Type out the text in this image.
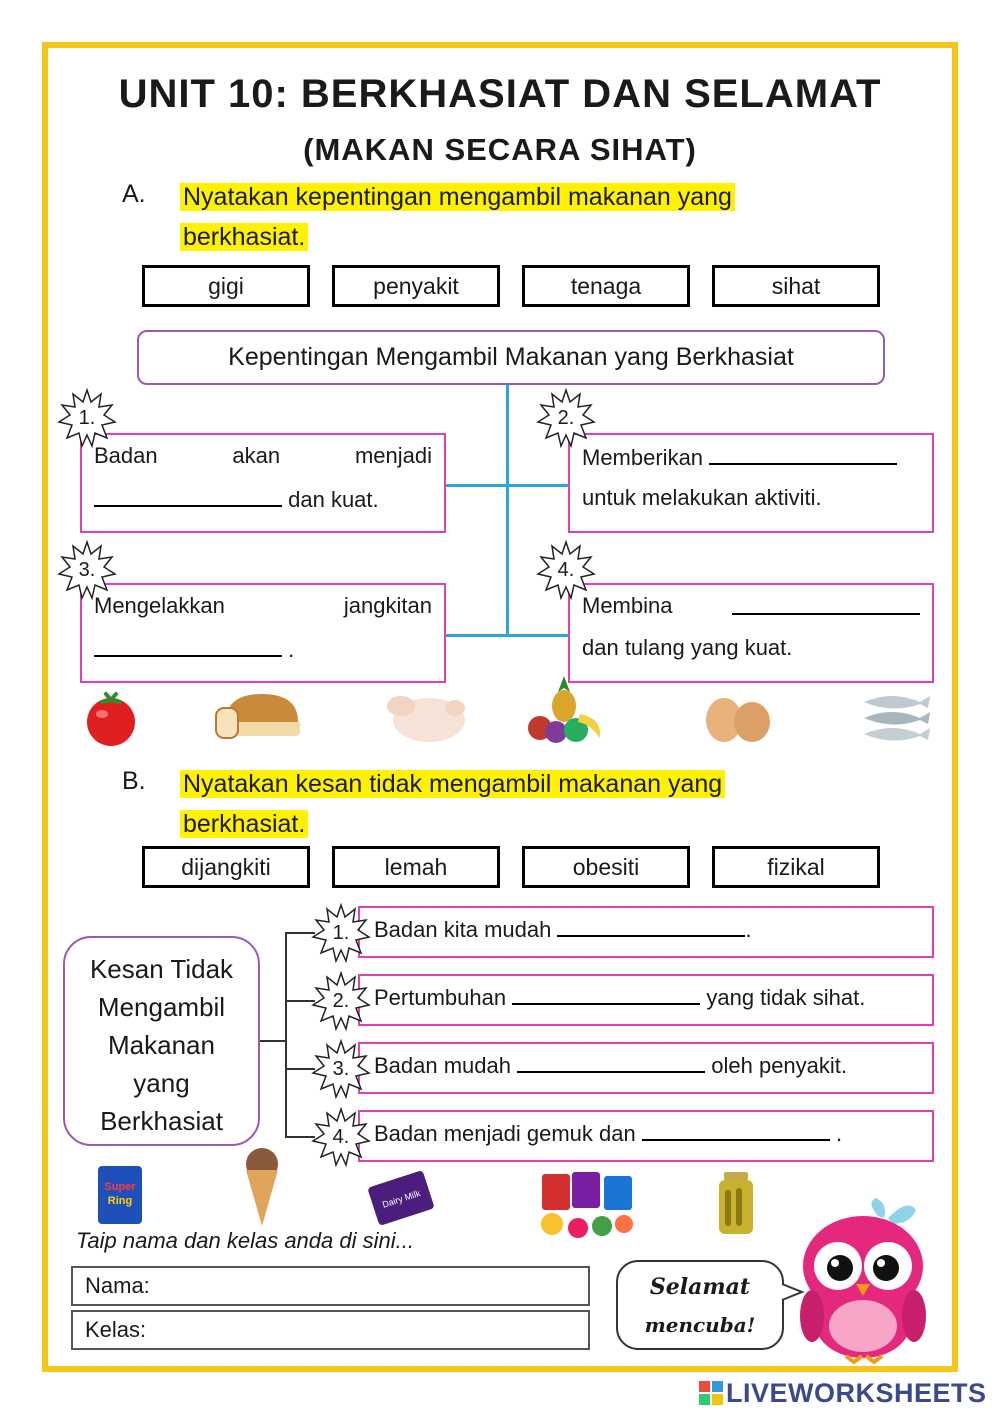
UNIT 10: BERKHASIAT DAN SELAMAT
(MAKAN SECARA SIHAT)
A. Nyatakan kepentingan mengambil makanan yang
berkhasiat.
gigi	penyakit	tenaga	sihat
Kepentingan Mengambil Makanan yang Berkhasiat
Badan	akan	menjadi
dan kuat.
Memberikan
untuk melakukan aktiviti.
Mengelakkan	jangkitan
.
Membina
dan tulang yang kuat.
1.	2.
3.	4.
B. Nyatakan kesan tidak mengambil makanan yang
berkhasiat.
dijangkiti	lemah	obesiti	fizikal
Kesan Tidak
Mengambil
Makanan
yang
Berkhasiat
Badan kita mudah	.
Pertumbuhan	yang tidak sihat.
Badan mudah	oleh penyakit.
Badan menjadi gemuk dan	.
1.
2.
3.
4.
Super
Ring	Dairy Milk
Taip nama dan kelas anda di sini...
Nama:
Kelas:
Selamat
mencuba!
LIVEWORKSHEETS
